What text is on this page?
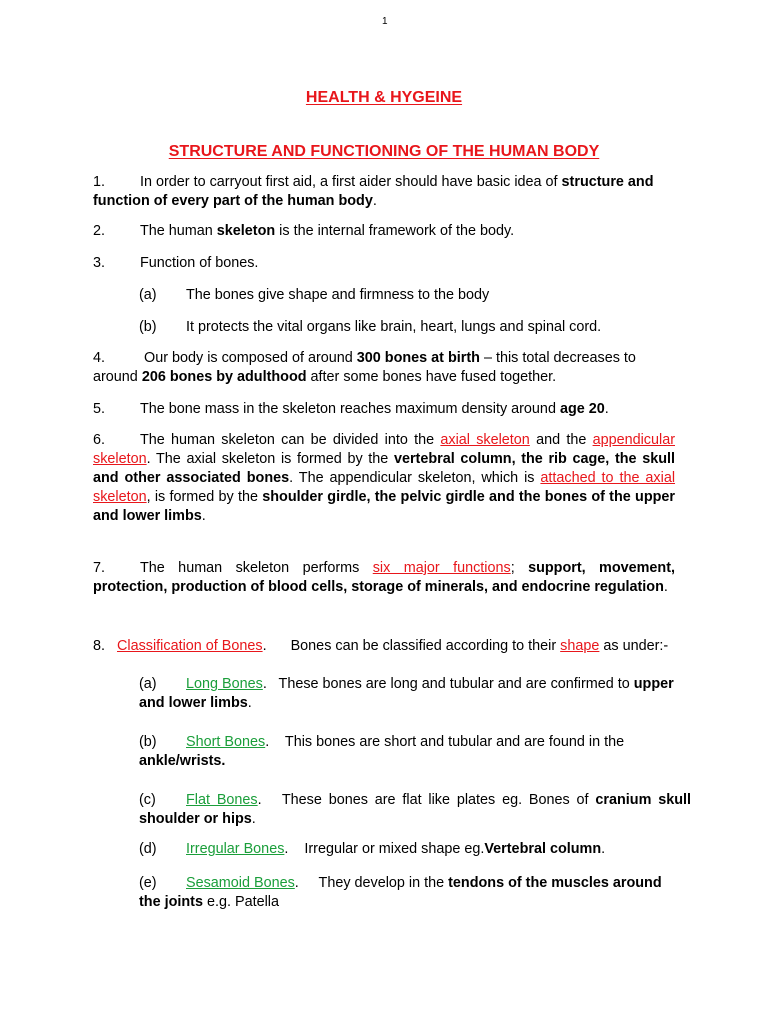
1
HEALTH & HYGEINE
STRUCTURE AND FUNCTIONING OF THE HUMAN BODY
1. In order to carryout first aid, a first aider should have basic idea of structure and function of every part of the human body.
2. The human skeleton is the internal framework of the body.
3. Function of bones.
(a) The bones give shape and firmness to the body
(b) It protects the vital organs like brain, heart, lungs and spinal cord.
4.	Our body is composed of around 300 bones at birth – this total decreases to around 206 bones by adulthood after some bones have fused together.
5. The bone mass in the skeleton reaches maximum density around age 20.
6. The human skeleton can be divided into the axial skeleton and the appendicular skeleton. The axial skeleton is formed by the vertebral column, the rib cage, the skull and other associated bones. The appendicular skeleton, which is attached to the axial skeleton, is formed by the shoulder girdle, the pelvic girdle and the bones of the upper and lower limbs.
7. The human skeleton performs six major functions; support, movement, protection, production of blood cells, storage of minerals, and endocrine regulation.
8. Classification of Bones.      Bones can be classified according to their shape as under:-
(a) Long Bones.   These bones are long and tubular and are confirmed to upper and lower limbs.
(b) Short Bones.    This bones are short and tubular and are found in the ankle/wrists.
(c) Flat Bones.   These bones are flat like plates eg. Bones of cranium skull shoulder or hips.
(d) Irregular Bones.    Irregular or mixed shape eg.Vertebral column.
(e) Sesamoid Bones.     They develop in the tendons of the muscles around the joints e.g. Patella
